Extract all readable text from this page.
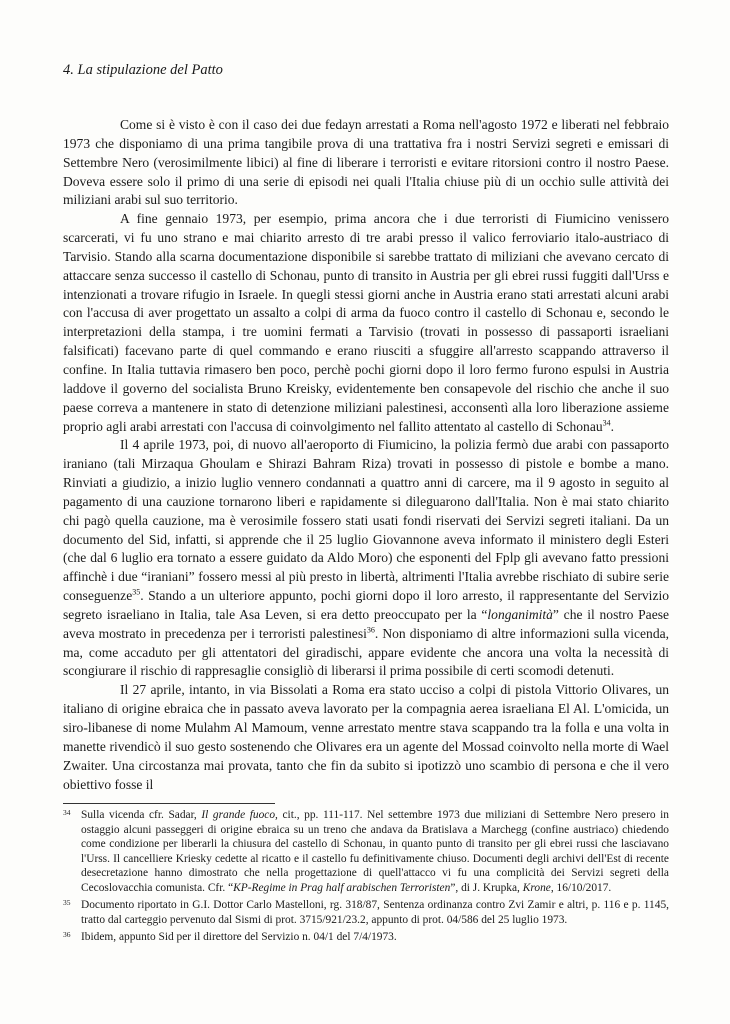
4. La stipulazione del Patto

Come si è visto è con il caso dei due fedayn arrestati a Roma nell'agosto 1972 e liberati nel febbraio 1973 che disponiamo di una prima tangibile prova di una trattativa fra i nostri Servizi segreti e emissari di Settembre Nero (verosimilmente libici) al fine di liberare i terroristi e evitare ritorsioni contro il nostro Paese. Doveva essere solo il primo di una serie di episodi nei quali l'Italia chiuse più di un occhio sulle attività dei miliziani arabi sul suo territorio.

A fine gennaio 1973, per esempio, prima ancora che i due terroristi di Fiumicino venissero scarcerati, vi fu uno strano e mai chiarito arresto di tre arabi presso il valico ferroviario italo-austriaco di Tarvisio. Stando alla scarna documentazione disponibile si sarebbe trattato di miliziani che avevano cercato di attaccare senza successo il castello di Schonau, punto di transito in Austria per gli ebrei russi fuggiti dall'Urss e intenzionati a trovare rifugio in Israele. In quegli stessi giorni anche in Austria erano stati arrestati alcuni arabi con l'accusa di aver progettato un assalto a colpi di arma da fuoco contro il castello di Schonau e, secondo le interpretazioni della stampa, i tre uomini fermati a Tarvisio (trovati in possesso di passaporti israeliani falsificati) facevano parte di quel commando e erano riusciti a sfuggire all'arresto scappando attraverso il confine. In Italia tuttavia rimasero ben poco, perchè pochi giorni dopo il loro fermo furono espulsi in Austria laddove il governo del socialista Bruno Kreisky, evidentemente ben consapevole del rischio che anche il suo paese correva a mantenere in stato di detenzione miliziani palestinesi, acconsentì alla loro liberazione assieme proprio agli arabi arrestati con l'accusa di coinvolgimento nel fallito attentato al castello di Schonau$^{34}$.

Il 4 aprile 1973, poi, di nuovo all'aeroporto di Fiumicino, la polizia fermò due arabi con passaporto iraniano (tali Mirzaqua Ghoulam e Shirazi Bahram Riza) trovati in possesso di pistole e bombe a mano. Rinviati a giudizio, a inizio luglio vennero condannati a quattro anni di carcere, ma il 9 agosto in seguito al pagamento di una cauzione tornarono liberi e rapidamente si dileguarono dall'Italia. Non è mai stato chiarito chi pagò quella cauzione, ma è verosimile fossero stati usati fondi riservati dei Servizi segreti italiani. Da un documento del Sid, infatti, si apprende che il 25 luglio Giovannone aveva informato il ministero degli Esteri (che dal 6 luglio era tornato a essere guidato da Aldo Moro) che esponenti del Fplp gli avevano fatto pressioni affinchè i due “iraniani” fossero messi al più presto in libertà, altrimenti l'Italia avrebbe rischiato di subire serie conseguenze$^{35}$. Stando a un ulteriore appunto, pochi giorni dopo il loro arresto, il rappresentante del Servizio segreto israeliano in Italia, tale Asa Leven, si era detto preoccupato per la “longanimità” che il nostro Paese aveva mostrato in precedenza per i terroristi palestinesi$^{36}$. Non disponiamo di altre informazioni sulla vicenda, ma, come accaduto per gli attentatori del giradischi, appare evidente che ancora una volta la necessità di scongiurare il rischio di rappresaglie consigliò di liberarsi il prima possibile di certi scomodi detenuti.

Il 27 aprile, intanto, in via Bissolati a Roma era stato ucciso a colpi di pistola Vittorio Olivares, un italiano di origine ebraica che in passato aveva lavorato per la compagnia aerea israeliana El Al. L'omicida, un siro-libanese di nome Mulahm Al Mamoum, venne arrestato mentre stava scappando tra la folla e una volta in manette rivendicò il suo gesto sostenendo che Olivares era un agente del Mossad coinvolto nella morte di Wael Zwaiter. Una circostanza mai provata, tanto che fin da subito si ipotizzò uno scambio di persona e che il vero obiettivo fosse il

34 Sulla vicenda cfr. Sadar, Il grande fuoco, cit., pp. 111-117. Nel settembre 1973 due miliziani di Settembre Nero presero in ostaggio alcuni passeggeri di origine ebraica su un treno che andava da Bratislava a Marchegg (confine austriaco) chiedendo come condizione per liberarli la chiusura del castello di Schonau, in quanto punto di transito per gli ebrei russi che lasciavano l'Urss. Il cancelliere Kriesky cedette al ricatto e il castello fu definitivamente chiuso. Documenti degli archivi dell'Est di recente desecretazione hanno dimostrato che nella progettazione di quell'attacco vi fu una complicità dei Servizi segreti della Cecoslovacchia comunista. Cfr. “KP-Regime in Prag half arabischen Terroristen”, di J. Krupka, Krone, 16/10/2017.
35 Documento riportato in G.I. Dottor Carlo Mastelloni, rg. 318/87, Sentenza ordinanza contro Zvi Zamir e altri, p. 116 e p. 1145, tratto dal carteggio pervenuto dal Sismi di prot. 3715/921/23.2, appunto di prot. 04/586 del 25 luglio 1973.
36 Ibidem, appunto Sid per il direttore del Servizio n. 04/1 del 7/4/1973.
